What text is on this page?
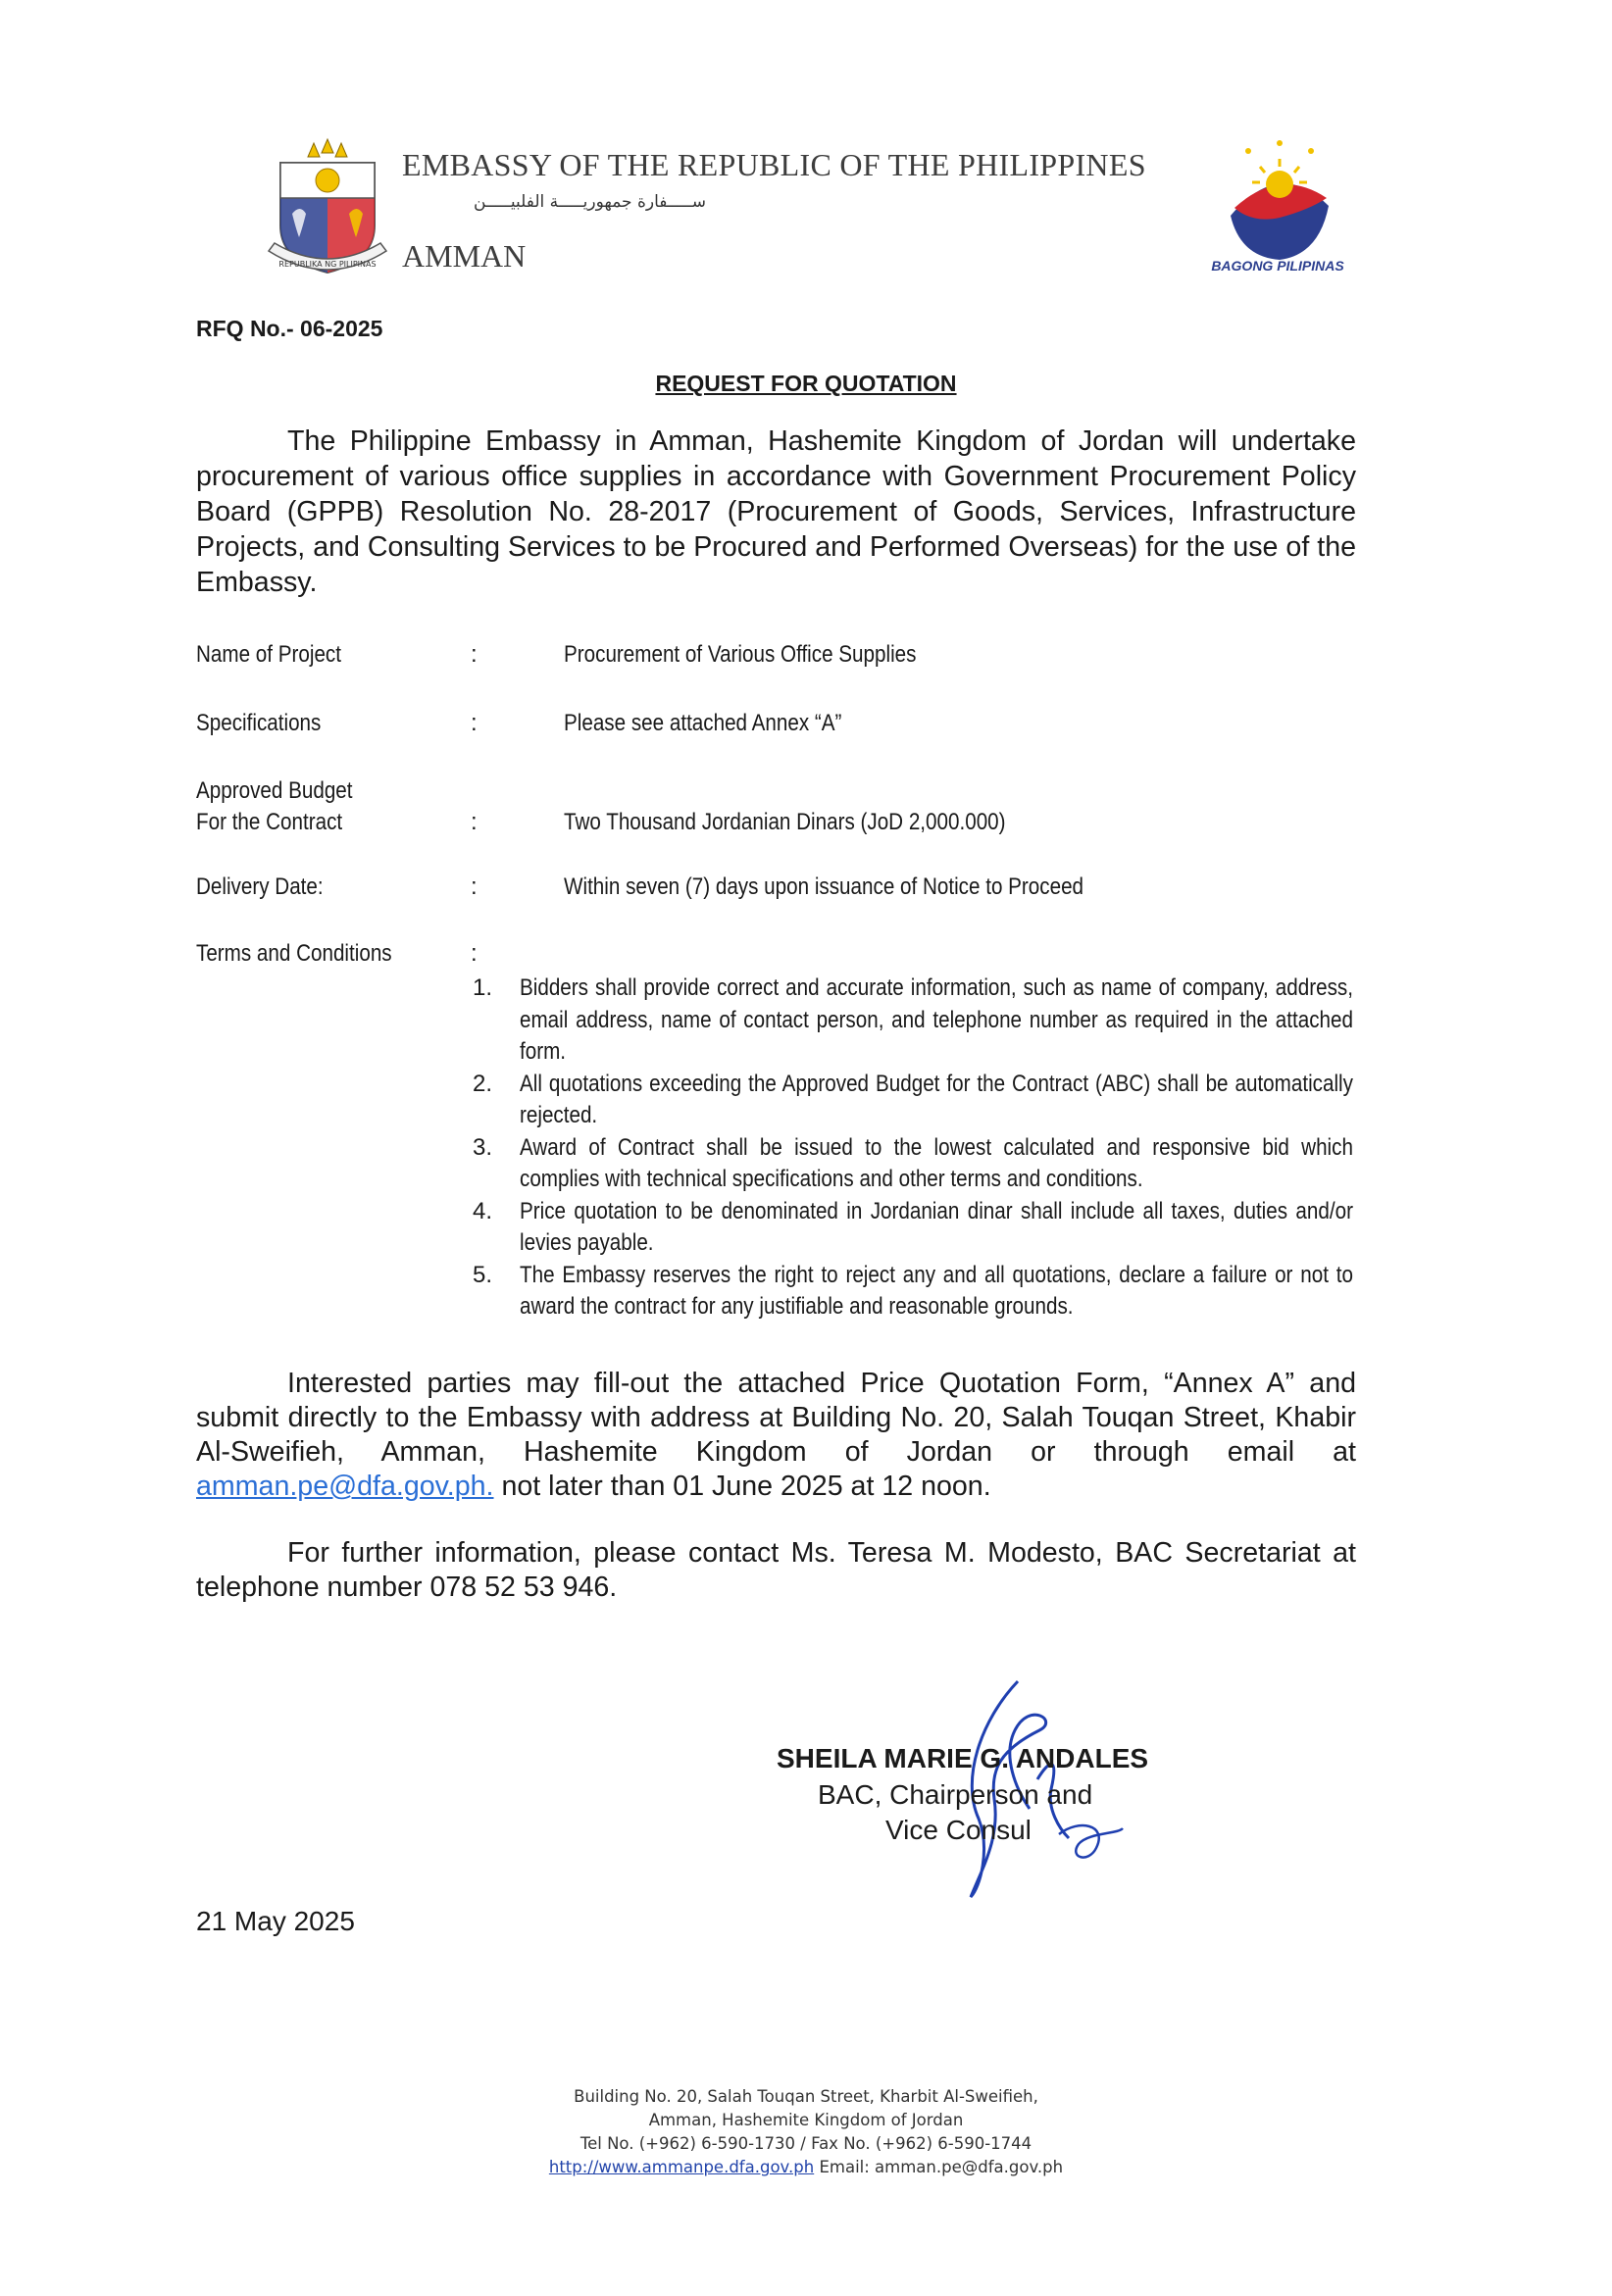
REPUBLIKA NG PILIPINAS
EMBASSY OF THE REPUBLIC OF THE PHILIPPINES
ســـــفارة جمهوريـــــة الفلبيـــــن
AMMAN	BAGONG PILIPINAS
RFQ No.- 06-2025
REQUEST FOR QUOTATION
The Philippine Embassy in Amman, Hashemite Kingdom of Jordan will undertake procurement of various office supplies in accordance with Government Procurement Policy Board (GPPB) Resolution No. 28-2017 (Procurement of Goods, Services, Infrastructure Projects, and Consulting Services to be Procured and Performed Overseas) for the use of the Embassy.
Name of Project	:	Procurement of Various Office Supplies
Specifications	:	Please see attached Annex “A”
Approved Budget
For the Contract	:	Two Thousand Jordanian Dinars (JoD 2,000.000)
Delivery Date:	:	Within seven (7) days upon issuance of Notice to Proceed
Terms and Conditions	:
1. Bidders shall provide correct and accurate information, such as name of company, address, email address, name of contact person, and telephone number as required in the attached form.
2. All quotations exceeding the Approved Budget for the Contract (ABC) shall be automatically rejected.
3. Award of Contract shall be issued to the lowest calculated and responsive bid which complies with technical specifications and other terms and conditions.
4. Price quotation to be denominated in Jordanian dinar shall include all taxes, duties and/or levies payable.
5. The Embassy reserves the right to reject any and all quotations, declare a failure or not to award the contract for any justifiable and reasonable grounds.
Interested parties may fill-out the attached Price Quotation Form, “Annex A” and submit directly to the Embassy with address at Building No. 20, Salah Touqan Street, Khabir Al-Sweifieh, Amman, Hashemite Kingdom of Jordan or through email at amman.pe@dfa.gov.ph. not later than 01 June 2025 at 12 noon.
For further information, please contact Ms. Teresa M. Modesto, BAC Secretariat at telephone number 078 52 53 946.
SHEILA MARIE G. ANDALES
BAC, Chairperson and
Vice Consul
21 May 2025
Building No. 20, Salah Touqan Street, Kharbit Al-Sweifieh,
Amman, Hashemite Kingdom of Jordan
Tel No. (+962) 6-590-1730 / Fax No. (+962) 6-590-1744
http://www.ammanpe.dfa.gov.ph Email: amman.pe@dfa.gov.ph
